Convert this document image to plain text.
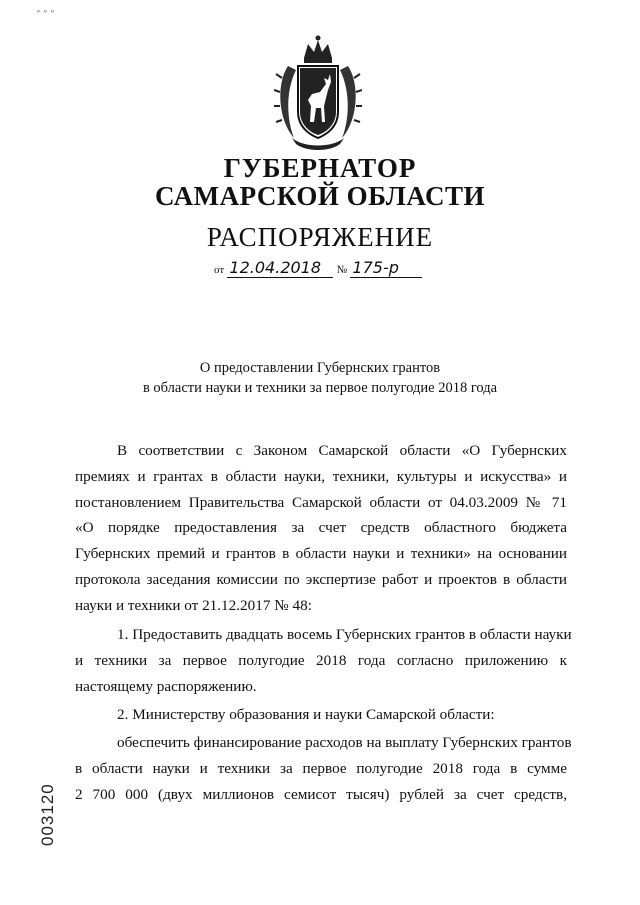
º º º
ГУБЕРНАТОР
САМАРСКОЙ ОБЛАСТИ
РАСПОРЯЖЕНИЕ
от 12.04.2018 № 175-р
О предоставлении Губернских грантов
в области науки и техники за первое полугодие 2018 года
В соответствии с Законом Самарской области «О Губернских
премиях и грантах в области науки, техники, культуры и искусства» и
постановлением Правительства Самарской области от 04.03.2009 № 71
«О порядке предоставления за счет средств областного бюджета
Губернских премий и грантов в области науки и техники» на основании
протокола заседания комиссии по экспертизе работ и проектов в области
науки и техники от 21.12.2017 № 48:
1. Предоставить двадцать восемь Губернских грантов в области науки
и техники за первое полугодие 2018 года согласно приложению к
настоящему распоряжению.
2. Министерству образования и науки Самарской области:
обеспечить финансирование расходов на выплату Губернских грантов
в области науки и техники за первое полугодие 2018 года в сумме
2 700 000 (двух миллионов семисот тысяч) рублей за счет средств,
003120
